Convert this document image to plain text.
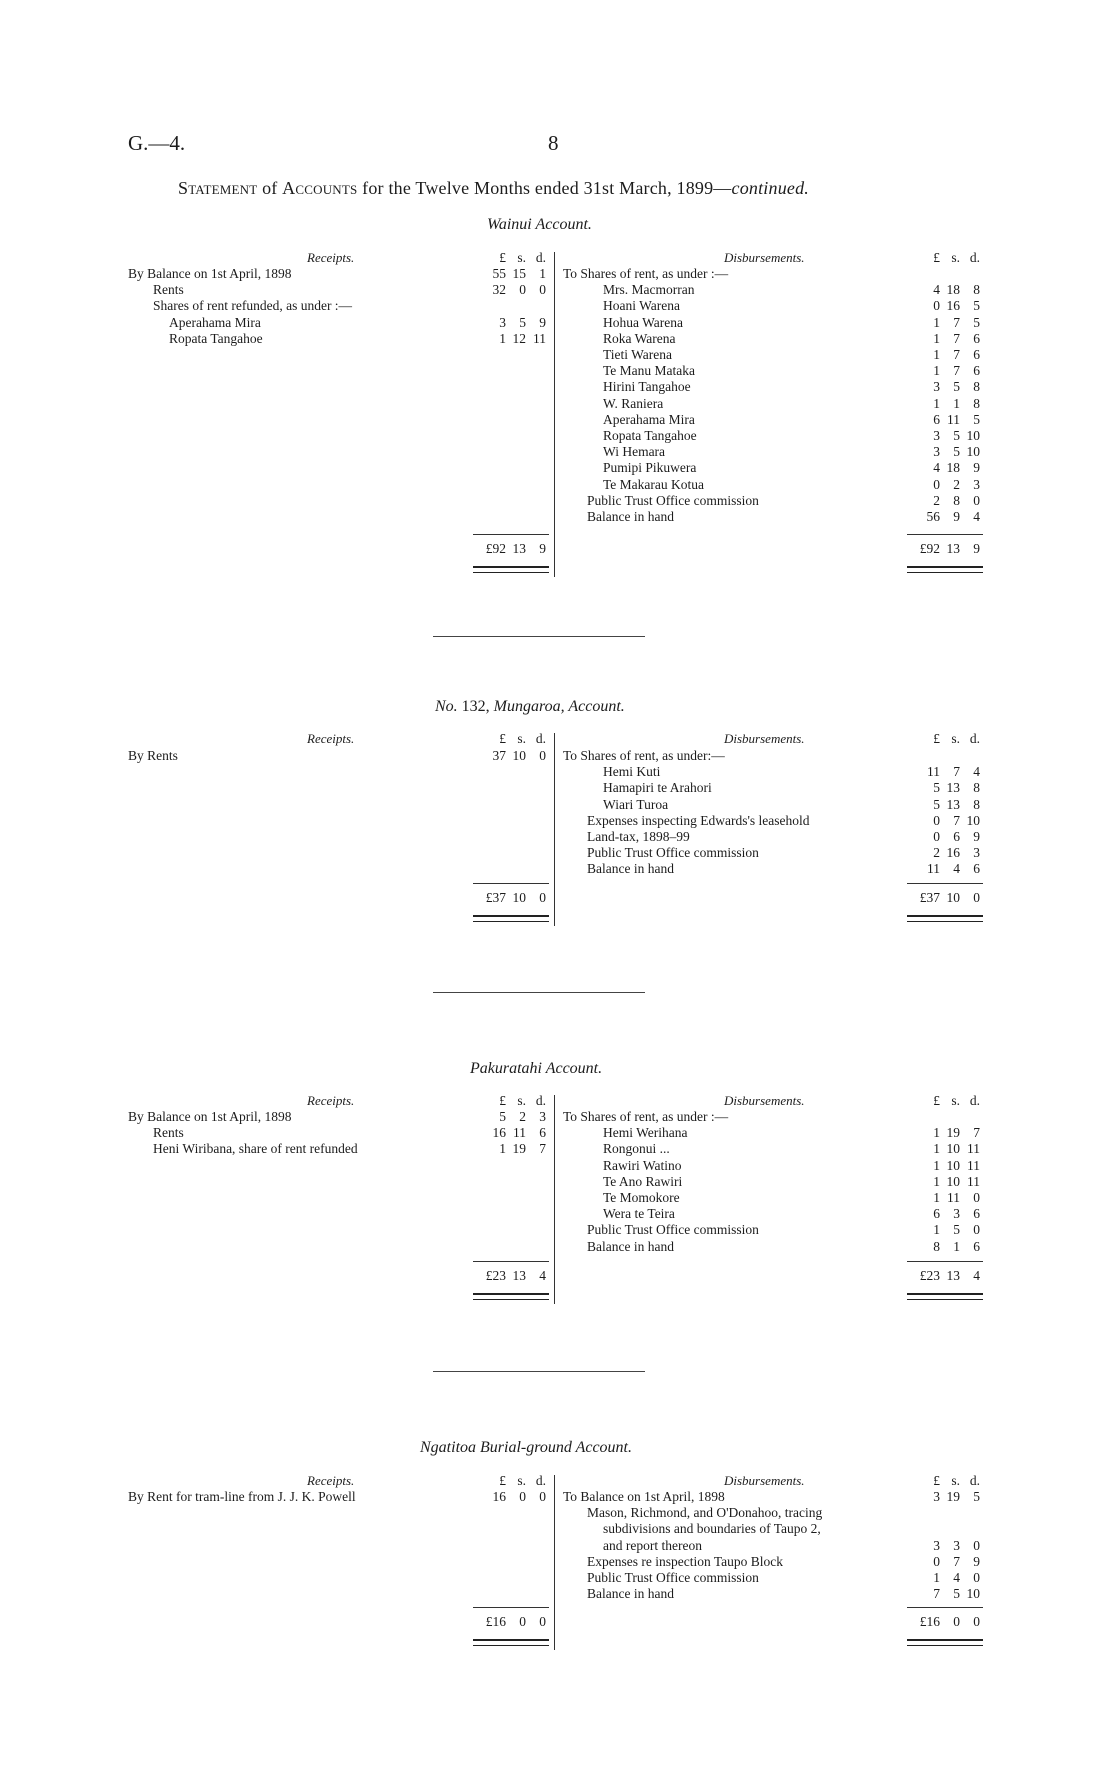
G.—4.	8
Statement of Accounts for the Twelve Months ended 31st March, 1899—continued.
Wainui Account.
Receipts.	Disbursements.
£ s. d.	£ s. d.
By Balance on 1st April, 1898	55 15 1
Rents	32 0 0
Shares of rent refunded, as under :—
Aperahama Mira	3 5 9
Ropata Tangahoe	1 12 11
To Shares of rent, as under :—
Mrs. Macmorran	4 18 8
Hoani Warena	0 16 5
Hohua Warena	1 7 5
Roka Warena	1 7 6
Tieti Warena	1 7 6
Te Manu Mataka	1 7 6
Hirini Tangahoe	3 5 8
W. Raniera	1 1 8
Aperahama Mira	6 11 5
Ropata Tangahoe	3 5 10
Wi Hemara	3 5 10
Pumipi Pikuwera	4 18 9
Te Makarau Kotua	0 2 3
Public Trust Office commission	2 8 0
Balance in hand	56 9 4
£92 13 9	£92 13 9
No. 132, Mungaroa, Account.
Receipts.	Disbursements.
£ s. d.	£ s. d.
By Rents	37 10 0 To Shares of rent, as under:—
Hemi Kuti	11 7 4
Hamapiri te Arahori	5 13 8
Wiari Turoa	5 13 8
Expenses inspecting Edwards's leasehold	0 7 10
Land-tax, 1898–99	0 6 9
Public Trust Office commission	2 16 3
Balance in hand	11 4 6
£37 10 0	£37 10 0
Pakuratahi Account.
Receipts.	Disbursements.
£ s. d.	£ s. d.
By Balance on 1st April, 1898	5 2 3
Rents	16 11 6
Heni Wiribana, share of rent refunded	1 19 7
To Shares of rent, as under :—
Hemi Werihana	1 19 7
Rongonui ...	1 10 11
Rawiri Watino	1 10 11
Te Ano Rawiri	1 10 11
Te Momokore	1 11 0
Wera te Teira	6 3 6
Public Trust Office commission	1 5 0
Balance in hand	8 1 6
£23 13 4	£23 13 4
Ngatitoa Burial-ground Account.
Receipts.	Disbursements.
£ s. d.	£ s. d.
By Rent for tram-line from J. J. K. Powell	16 0 0 To Balance on 1st April, 1898	3 19 5
Mason, Richmond, and O'Donahoo, tracing
subdivisions and boundaries of Taupo 2,
and report thereon	3 3 0
Expenses re inspection Taupo Block	0 7 9
Public Trust Office commission	1 4 0
Balance in hand	7 5 10
£16 0 0	£16 0 0
